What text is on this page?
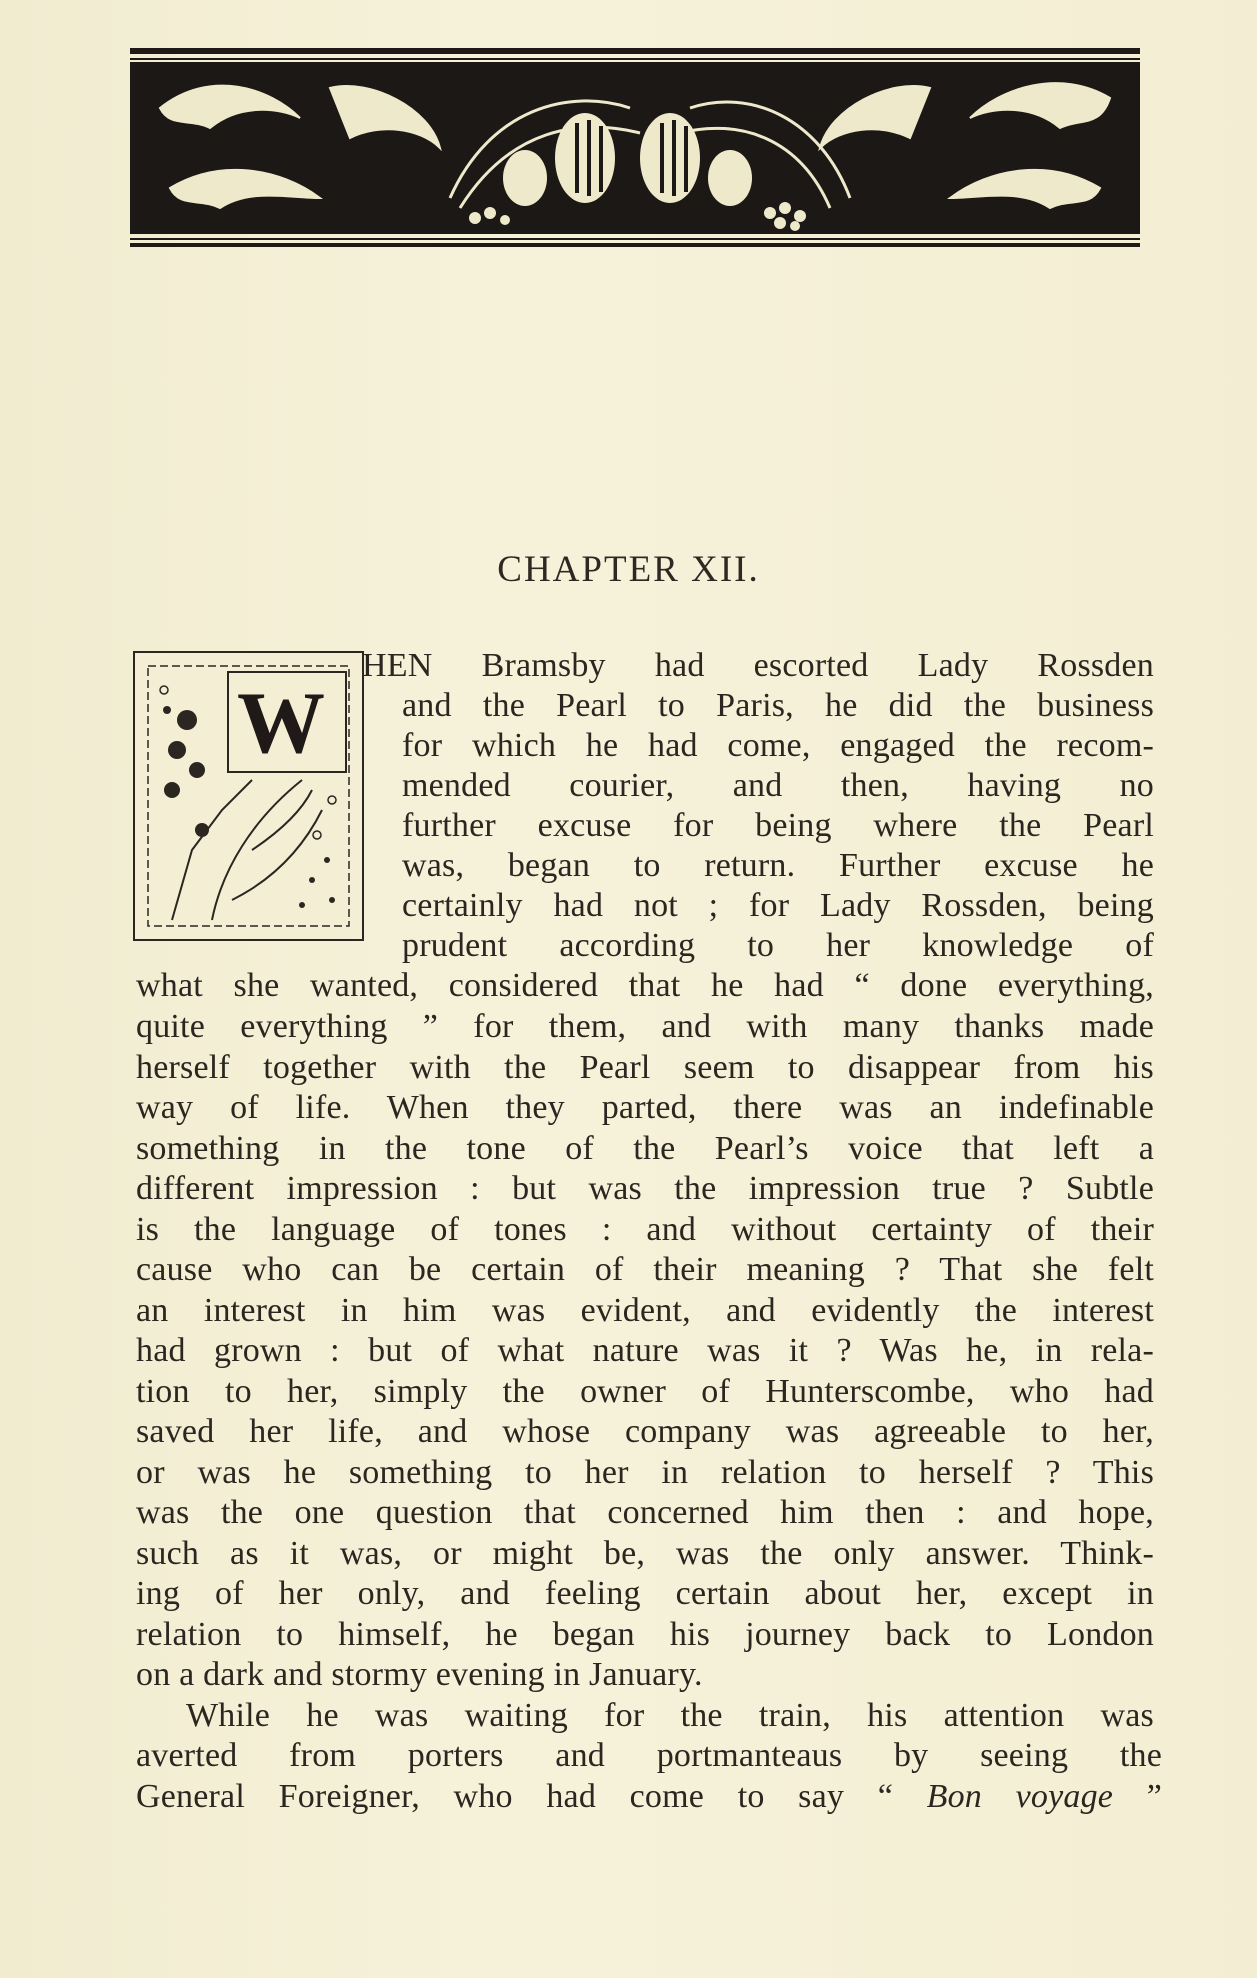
CHAPTER XII.
W
HEN Bramsby had escorted Lady Rossden
and the Pearl to Paris, he did the business
for which he had come, engaged the recom-
mended courier, and then, having no
further excuse for being where the Pearl
was, began to return. Further excuse he
certainly had not ; for Lady Rossden, being
prudent according to her knowledge of
what she wanted, considered that he had “ done everything,
quite everything ” for them, and with many thanks made
herself together with the Pearl seem to disappear from his
way of life. When they parted, there was an indefinable
something in the tone of the Pearl’s voice that left a
different impression : but was the impression true ? Subtle
is the language of tones : and without certainty of their
cause who can be certain of their meaning ? That she felt
an interest in him was evident, and evidently the interest
had grown : but of what nature was it ? Was he, in rela-
tion to her, simply the owner of Hunterscombe, who had
saved her life, and whose company was agreeable to her,
or was he something to her in relation to herself ? This
was the one question that concerned him then : and hope,
such as it was, or might be, was the only answer. Think-
ing of her only, and feeling certain about her, except in
relation to himself, he began his journey back to London
on a dark and stormy evening in January.
While he was waiting for the train, his attention was
averted from porters and portmanteaus by seeing the
General Foreigner, who had come to say “ Bon voyage ”
